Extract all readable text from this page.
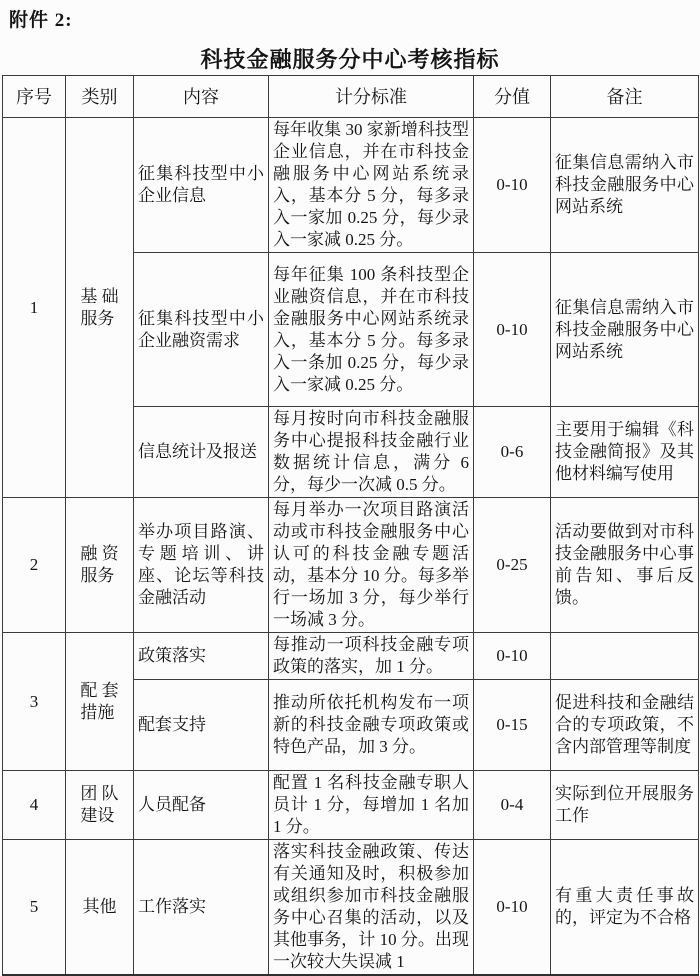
附件 2:
科技金融服务分中心考核指标
序号	类别	内容	计分标准	分值	备注
1	基础服务	征集科技型中小企业信息	每年收集 30 家新增科技型企业信息，并在市科技金融服务中心网站系统录入，基本分 5 分，每多录入一家加 0.25 分，每少录入一家减 0.25 分。	0-10	征集信息需纳入市科技金融服务中心网站系统
		征集科技型中小企业融资需求	每年征集 100 条科技型企业融资信息，并在市科技金融服务中心网站系统录入，基本分 5 分。每多录入一条加 0.25 分，每少录入一家减 0.25 分。	0-10	征集信息需纳入市科技金融服务中心网站系统
		信息统计及报送	每月按时向市科技金融服务中心提报科技金融行业数据统计信息，满分 6 分，每少一次减 0.5 分。	0-6	主要用于编辑《科技金融简报》及其他材料编写使用
2	融资服务	举办项目路演、专题培训、讲座、论坛等科技金融活动	每月举办一次项目路演活动或市科技金融服务中心认可的科技金融专题活动，基本分 10 分。每多举行一场加 3 分，每少举行一场减 3 分。	0-25	活动要做到对市科技金融服务中心事前告知、事后反馈。
3	配套措施	政策落实	每推动一项科技金融专项政策的落实，加 1 分。	0-10	
		配套支持	推动所依托机构发布一项新的科技金融专项政策或特色产品，加 3 分。	0-15	促进科技和金融结合的专项政策，不含内部管理等制度
4	团队建设	人员配备	配置 1 名科技金融专职人员计 1 分，每增加 1 名加 1 分。	0-4	实际到位开展服务工作
5	其他	工作落实	落实科技金融政策、传达有关通知及时，积极参加或组织参加市科技金融服务中心召集的活动，以及其他事务，计 10 分。出现一次较大失误减 1	0-10	有重大责任事故的，评定为不合格
